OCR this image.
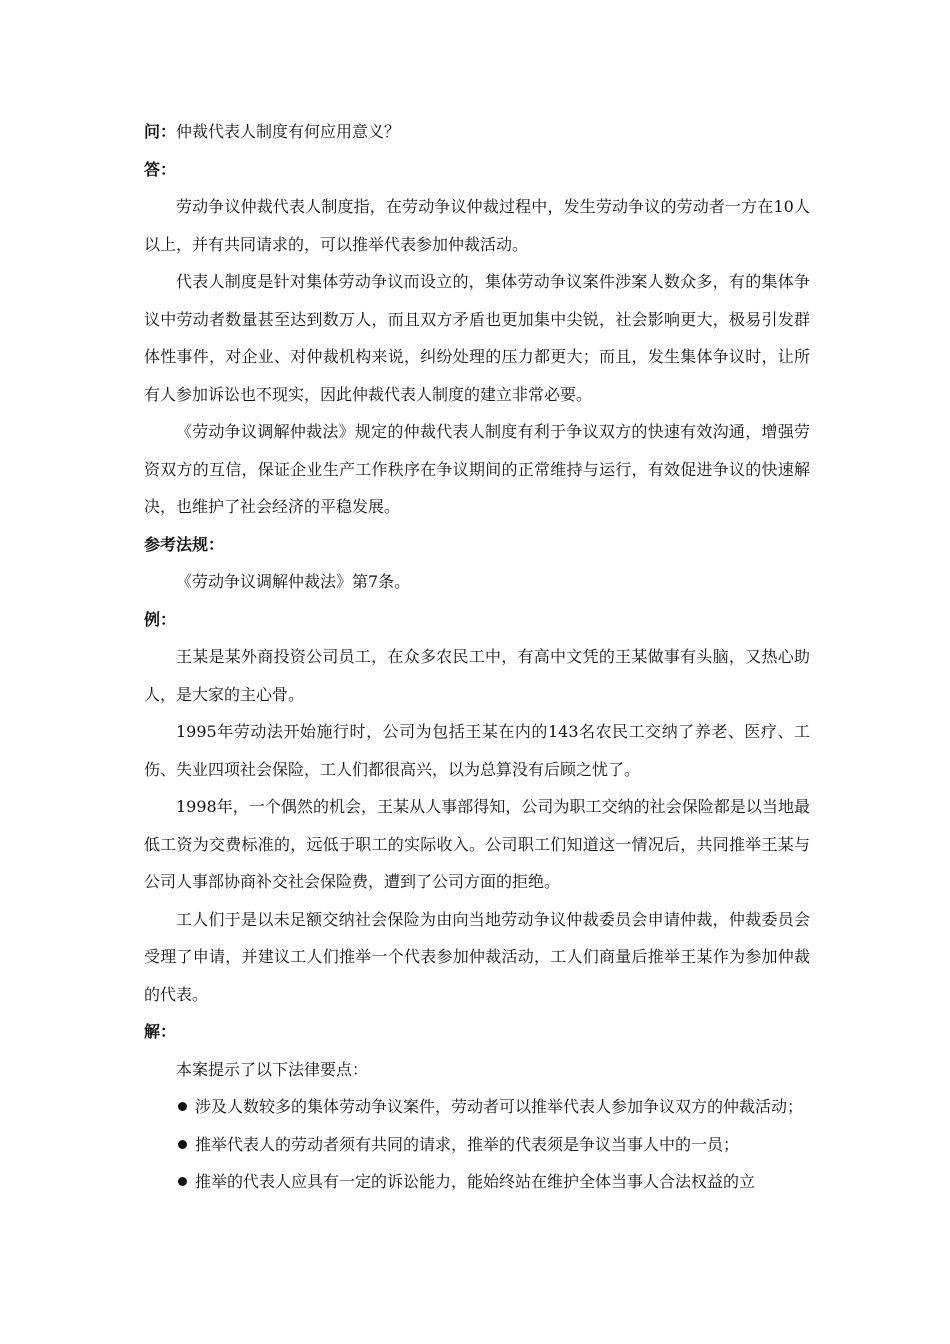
问：仲裁代表人制度有何应用意义？

答：

劳动争议仲裁代表人制度指，在劳动争议仲裁过程中，发生劳动争议的劳动者一方在10人以上，并有共同请求的，可以推举代表参加仲裁活动。

代表人制度是针对集体劳动争议而设立的，集体劳动争议案件涉案人数众多，有的集体争议中劳动者数量甚至达到数万人，而且双方矛盾也更加集中尖锐，社会影响更大，极易引发群体性事件，对企业、对仲裁机构来说，纠纷处理的压力都更大；而且，发生集体争议时，让所有人参加诉讼也不现实，因此仲裁代表人制度的建立非常必要。

《劳动争议调解仲裁法》规定的仲裁代表人制度有利于争议双方的快速有效沟通，增强劳资双方的互信，保证企业生产工作秩序在争议期间的正常维持与运行，有效促进争议的快速解决，也维护了社会经济的平稳发展。

参考法规：

《劳动争议调解仲裁法》第7条。

例：

王某是某外商投资公司员工，在众多农民工中，有高中文凭的王某做事有头脑，又热心助人，是大家的主心骨。

1995年劳动法开始施行时，公司为包括王某在内的143名农民工交纳了养老、医疗、工伤、失业四项社会保险，工人们都很高兴，以为总算没有后顾之忧了。

1998年，一个偶然的机会，王某从人事部得知，公司为职工交纳的社会保险都是以当地最低工资为交费标准的，远低于职工的实际收入。公司职工们知道这一情况后，共同推举王某与公司人事部协商补交社会保险费，遭到了公司方面的拒绝。

工人们于是以未足额交纳社会保险为由向当地劳动争议仲裁委员会申请仲裁，仲裁委员会受理了申请，并建议工人们推举一个代表参加仲裁活动，工人们商量后推举王某作为参加仲裁的代表。

解：

本案提示了以下法律要点：

涉及人数较多的集体劳动争议案件，劳动者可以推举代表人参加争议双方的仲裁活动；
推举代表人的劳动者须有共同的请求，推举的代表须是争议当事人中的一员；
推举的代表人应具有一定的诉讼能力，能始终站在维护全体当事人合法权益的立
